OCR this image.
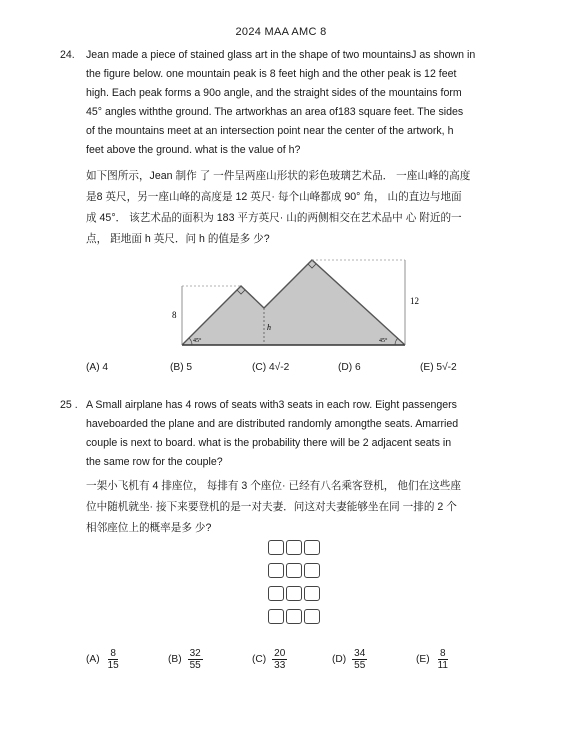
2024 MAA AMC 8

24. Jean made a piece of stained glass art in the shape of two mountainsJ as shown in

the figure below. one mountain peak is 8 feet high and the other peak is 12 feet

high. Each peak forms a 90o angle, and the straight sides of the mountains form

45° angles withthe ground. The artworkhas an area of183 square feet. The sides

of the mountains meet at an intersection point near the center of the artwork, h

feet above the ground. what is the value of h?

如下图所示，Jean 制作 了 一件呈两座山形状的彩色玻璃艺术品． 一座山峰的高度

是8 英尺，另一座山峰的高度是 12 英尺· 每个山峰都成 90° 角， 山的直边与地面

成 45°． 该艺术品的面积为 183 平方英尺· 山的两侧相交在艺术品中 心 附近的一

点， 距地面 h 英尺．问 h 的值是多 少?

8
12
h
45°	45°
(A) 4	(B) 5	(C) 4√-2	(D) 6	(E) 5√-2

25 . A Small airplane has 4 rows of seats with3 seats in each row. Eight passengers

haveboarded the plane and are distributed randomly amongthe seats. Amarried

couple is next to board. what is the probability there will be 2 adjacent seats in

the same row for the couple?

一架小飞机有 4 排座位， 每排有 3 个座位· 已经有八名乘客登机， 他们在这些座

位中随机就坐· 接下来要登机的是一对夫妻．问这对夫妻能够坐在同 一排的 2 个

相邻座位上的概率是多 少?

$(A) \frac{8}{15}$	$(B) \frac{32}{55}$	$(C) \frac{20}{33}$	$(D) \frac{34}{55}$	$(E) \frac{8}{11}$
